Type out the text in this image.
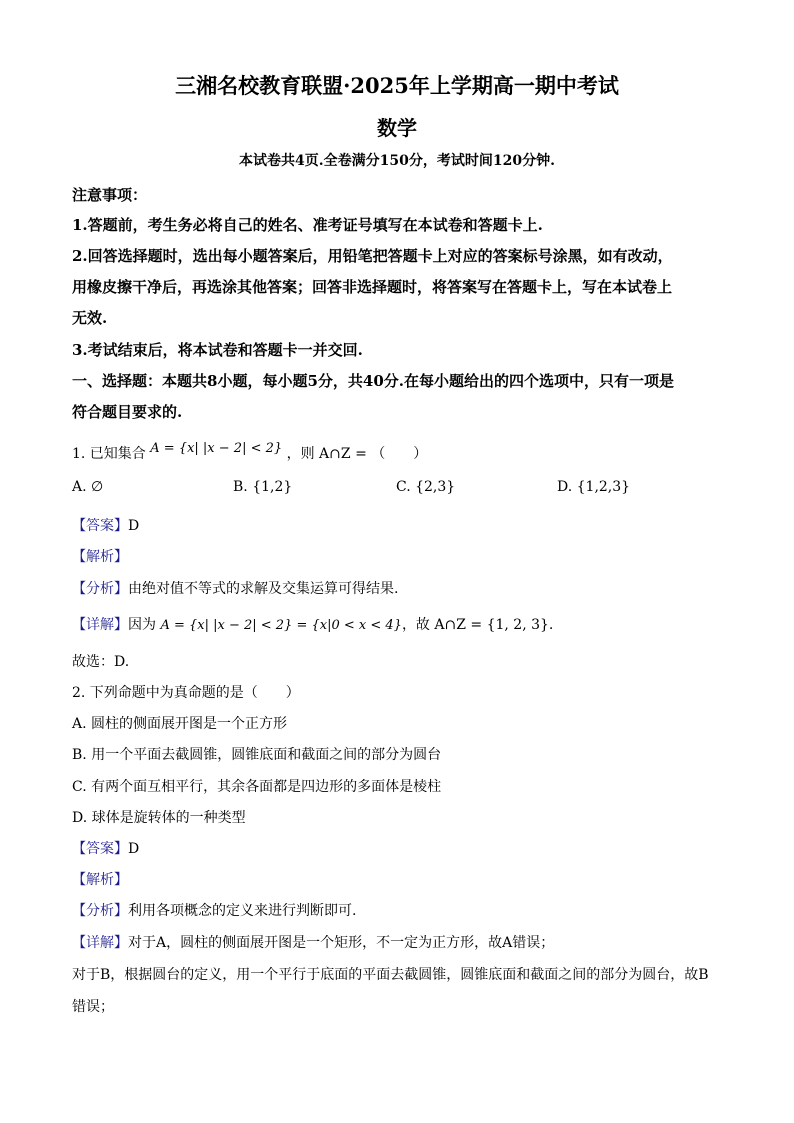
三湘名校教育联盟·2025年上学期高一期中考试
数学
本试卷共4页.全卷满分150分，考试时间120分钟.
注意事项：
1.答题前，考生务必将自己的姓名、准考证号填写在本试卷和答题卡上.
2.回答选择题时，选出每小题答案后，用铅笔把答题卡上对应的答案标号涂黑，如有改动，
用橡皮擦干净后，再选涂其他答案；回答非选择题时，将答案写在答题卡上，写在本试卷上
无效.
3.考试结束后，将本试卷和答题卡一并交回.
一、选择题：本题共8小题，每小题5分，共40分.在每小题给出的四个选项中，只有一项是
符合题目要求的.
1. 已知集合 A = {x| |x − 2| < 2} ，则 A∩Z = （　　）
A. ∅	B. {1,2}	C. {2,3}	D. {1,2,3}
【答案】D
【解析】
【分析】由绝对值不等式的求解及交集运算可得结果.
【详解】因为 A = {x| |x − 2| < 2} = {x|0 < x < 4}，故 A∩Z = {1, 2, 3}.
故选：D.
2. 下列命题中为真命题的是（　　）
A. 圆柱的侧面展开图是一个正方形
B. 用一个平面去截圆锥，圆锥底面和截面之间的部分为圆台
C. 有两个面互相平行，其余各面都是四边形的多面体是棱柱
D. 球体是旋转体的一种类型
【答案】D
【解析】
【分析】利用各项概念的定义来进行判断即可.
【详解】对于A，圆柱的侧面展开图是一个矩形，不一定为正方形，故A错误；
对于B，根据圆台的定义，用一个平行于底面的平面去截圆锥，圆锥底面和截面之间的部分为圆台，故B
错误；
